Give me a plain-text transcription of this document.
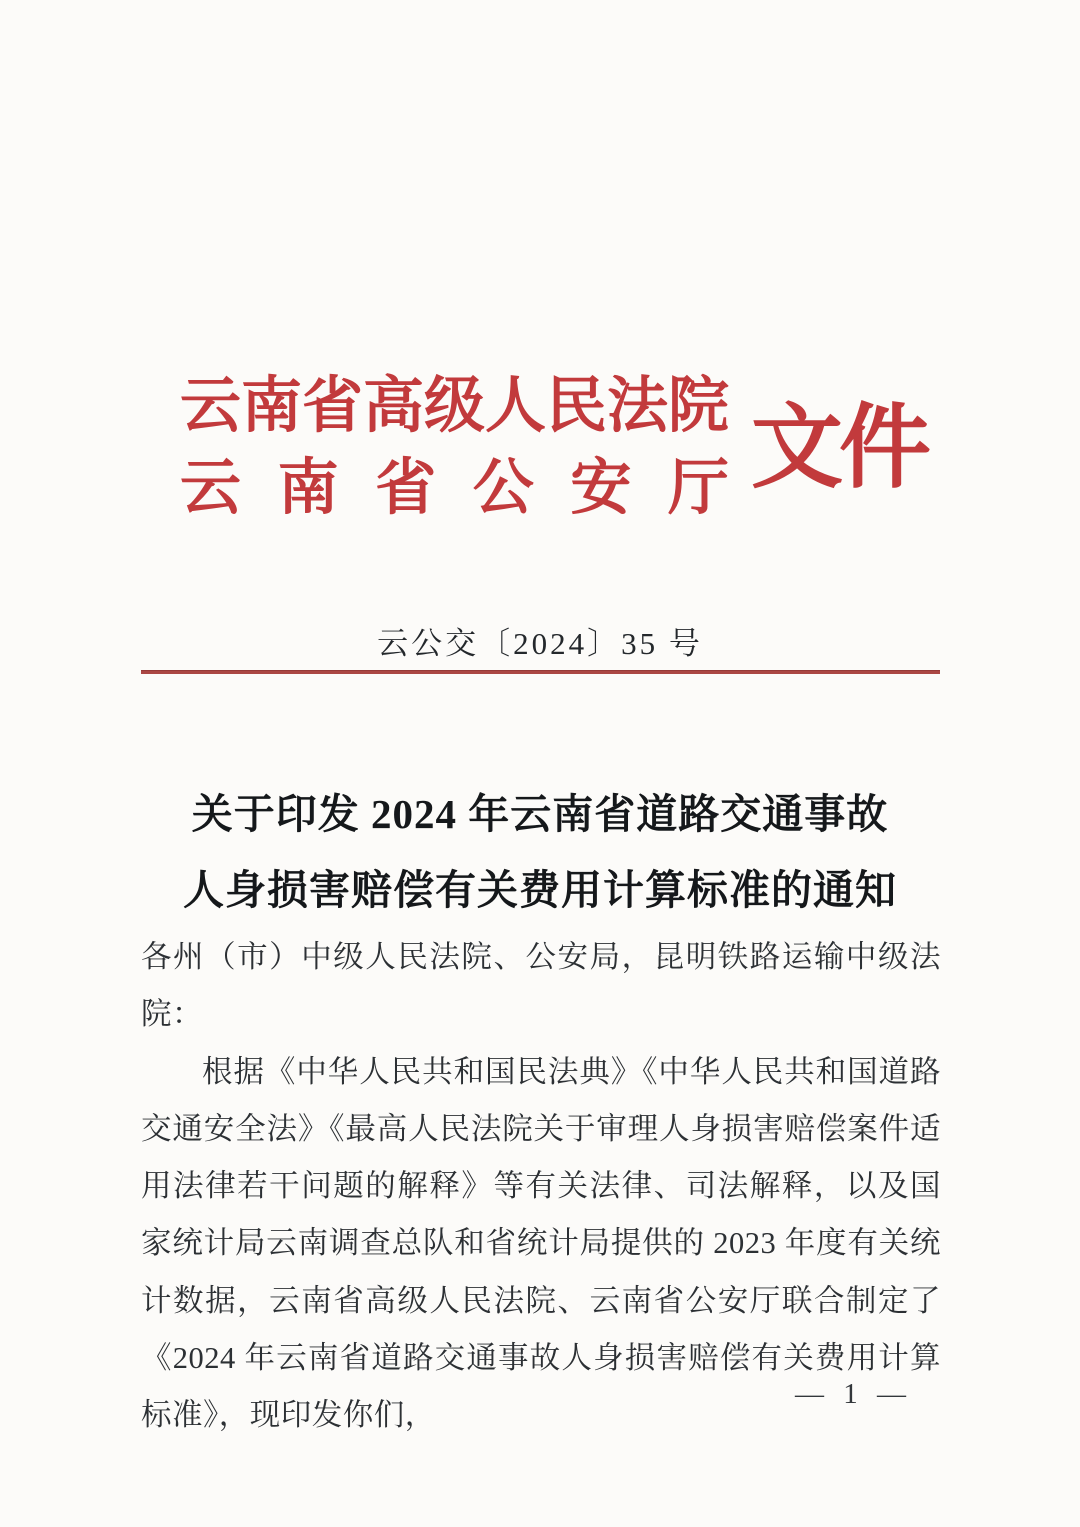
云南省高级人民法院
云南省公安厅 文件
云公交〔2024〕35 号
关于印发 2024 年云南省道路交通事故
人身损害赔偿有关费用计算标准的通知

各州（市）中级人民法院、公安局，昆明铁路运输中级法院：

根据《中华人民共和国民法典》《中华人民共和国道路交通安全法》《最高人民法院关于审理人身损害赔偿案件适用法律若干问题的解释》等有关法律、司法解释，以及国家统计局云南调查总队和省统计局提供的 2023 年度有关统计数据，云南省高级人民法院、云南省公安厅联合制定了《2024 年云南省道路交通事故人身损害赔偿有关费用计算标准》，现印发你们，

— 1 —
